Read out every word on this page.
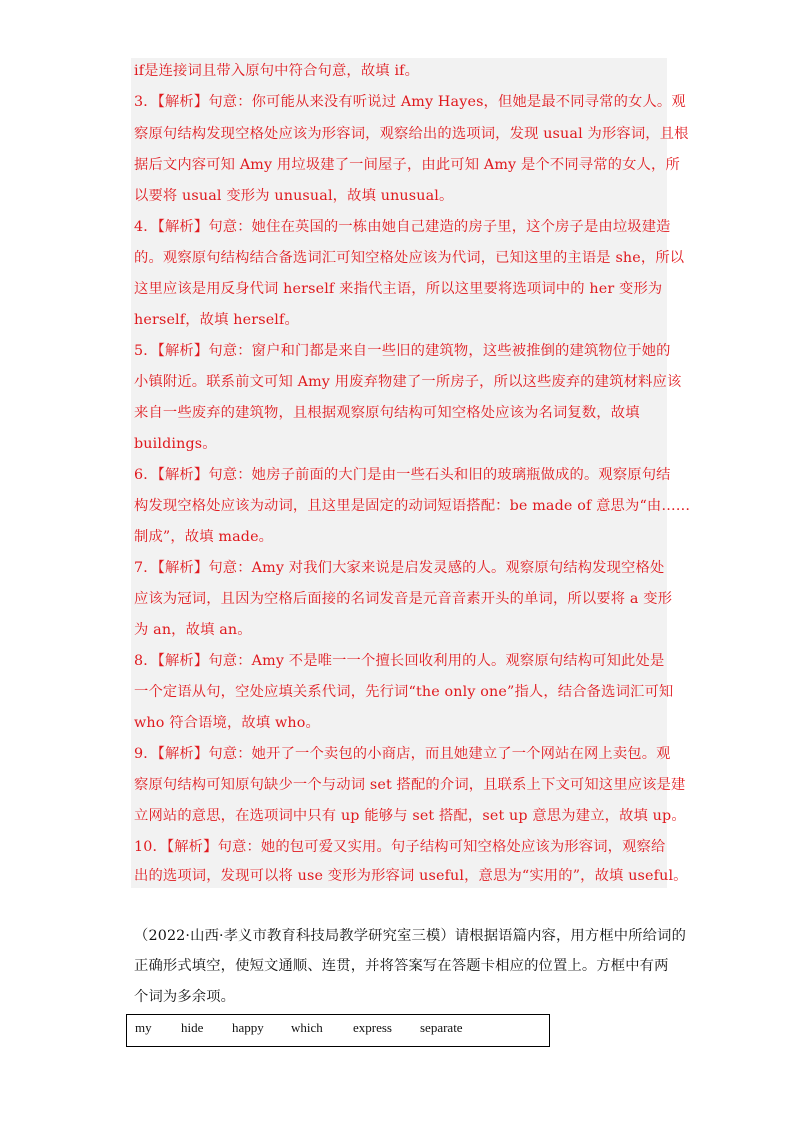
if是连接词且带入原句中符合句意，故填 if。
3．【解析】句意：你可能从来没有听说过 Amy Hayes，但她是最不同寻常的女人。观
察原句结构发现空格处应该为形容词，观察给出的选项词，发现 usual 为形容词，且根
据后文内容可知 Amy 用垃圾建了一间屋子，由此可知 Amy 是个不同寻常的女人，所
以要将 usual 变形为 unusual，故填 unusual。
4．【解析】句意：她住在英国的一栋由她自己建造的房子里，这个房子是由垃圾建造
的。观察原句结构结合备选词汇可知空格处应该为代词，已知这里的主语是 she，所以
这里应该是用反身代词 herself 来指代主语，所以这里要将选项词中的 her 变形为
herself，故填 herself。
5．【解析】句意：窗户和门都是来自一些旧的建筑物，这些被推倒的建筑物位于她的
小镇附近。联系前文可知 Amy 用废弃物建了一所房子，所以这些废弃的建筑材料应该
来自一些废弃的建筑物，且根据观察原句结构可知空格处应该为名词复数，故填
buildings。
6．【解析】句意：她房子前面的大门是由一些石头和旧的玻璃瓶做成的。观察原句结
构发现空格处应该为动词，且这里是固定的动词短语搭配：be made of 意思为“由……
制成”，故填 made。
7．【解析】句意：Amy 对我们大家来说是启发灵感的人。观察原句结构发现空格处
应该为冠词，且因为空格后面接的名词发音是元音音素开头的单词，所以要将 a 变形
为 an，故填 an。
8．【解析】句意：Amy 不是唯一一个擅长回收利用的人。观察原句结构可知此处是
一个定语从句，空处应填关系代词，先行词“the only one”指人，结合备选词汇可知
who 符合语境，故填 who。
9．【解析】句意：她开了一个卖包的小商店，而且她建立了一个网站在网上卖包。观
察原句结构可知原句缺少一个与动词 set 搭配的介词，且联系上下文可知这里应该是建
立网站的意思，在选项词中只有 up 能够与 set 搭配，set up 意思为建立，故填 up。
10．【解析】句意：她的包可爱又实用。句子结构可知空格处应该为形容词，观察给
出的选项词，发现可以将 use 变形为形容词 useful，意思为“实用的”，故填 useful。
（2022·山西·孝义市教育科技局教学研究室三模）请根据语篇内容，用方框中所给词的
正确形式填空，使短文通顺、连贯，并将答案写在答题卡相应的位置上。方框中有两
个词为多余项。
my hide happy which express separate
